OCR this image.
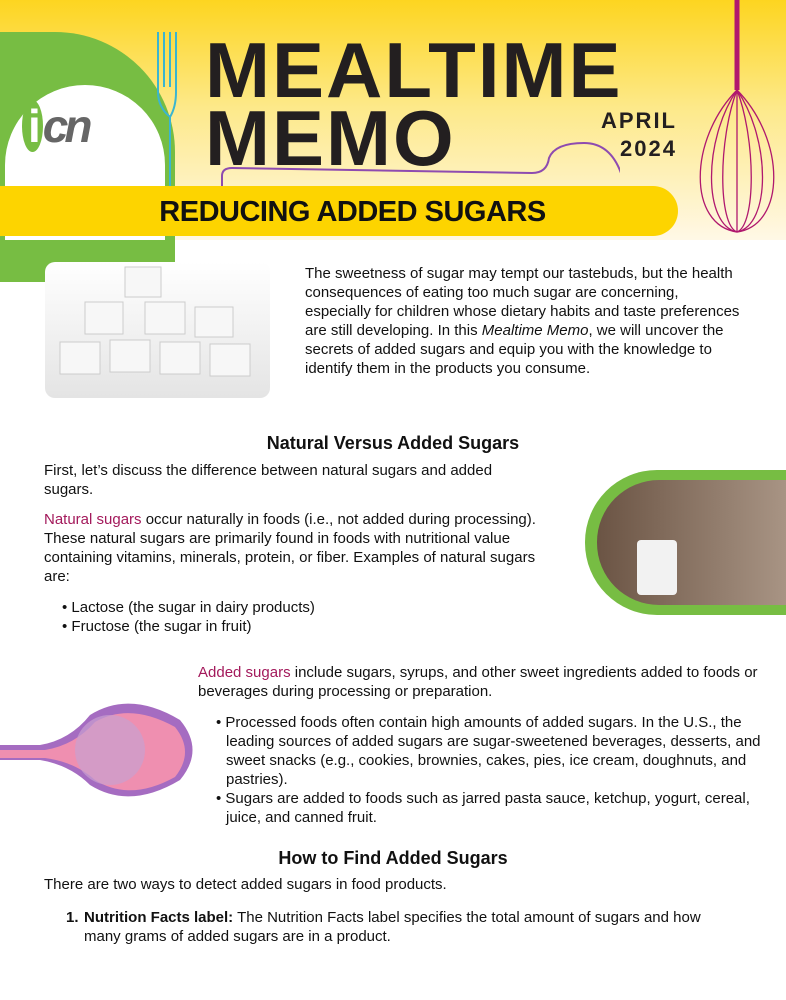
i cn
MEALTIME
MEMO	APRIL
2024
REDUCING ADDED SUGARS

The sweetness of sugar may tempt our tastebuds, but the health consequences of eating too much sugar are concerning, especially for children whose dietary habits and taste preferences are still developing. In this Mealtime Memo, we will uncover the secrets of added sugars and equip you with the knowledge to identify them in the products you consume.

Natural Versus Added Sugars

First, let’s discuss the difference between natural sugars and added sugars.

Natural sugars occur naturally in foods (i.e., not added during processing). These natural sugars are primarily found in foods with nutritional value containing vitamins, minerals, protein, or fiber. Examples of natural sugars are:

• Lactose (the sugar in dairy products)
• Fructose (the sugar in fruit)

Added sugars include sugars, syrups, and other sweet ingredients added to foods or beverages during processing or preparation.

• Processed foods often contain high amounts of added sugars. In the U.S., the leading sources of added sugars are sugar-sweetened beverages, desserts, and sweet snacks (e.g., cookies, brownies, cakes, pies, ice cream, doughnuts, and pastries).
• Sugars are added to foods such as jarred pasta sauce, ketchup, yogurt, cereal, juice, and canned fruit.
How to Find Added Sugars

There are two ways to detect added sugars in food products.

1. Nutrition Facts label: The Nutrition Facts label specifies the total amount of sugars and how many grams of added sugars are in a product.
